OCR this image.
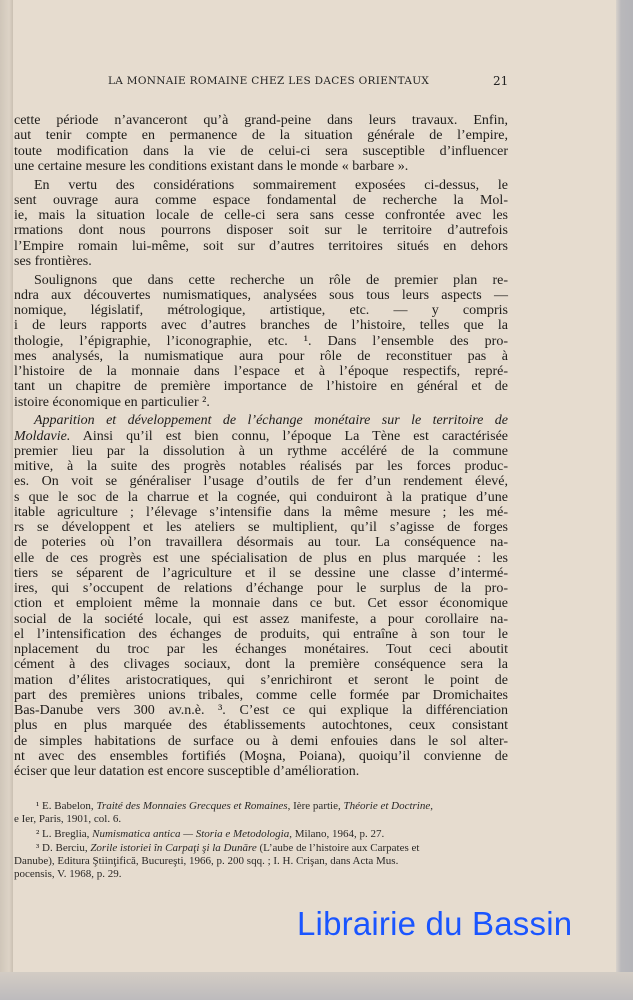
LA MONNAIE ROMAINE CHEZ LES DACES ORIENTAUX	21
cette période n’avanceront qu’à grand-peine dans leurs travaux. Enfin,
aut tenir compte en permanence de la situation générale de l’empire,
toute modification dans la vie de celui-ci sera susceptible d’influencer
une certaine mesure les conditions existant dans le monde « barbare ».
En vertu des considérations sommairement exposées ci-dessus, le
sent ouvrage aura comme espace fondamental de recherche la Mol-
ie, mais la situation locale de celle-ci sera sans cesse confrontée avec les
rmations dont nous pourrons disposer soit sur le territoire d’autrefois
l’Empire romain lui-même, soit sur d’autres territoires situés en dehors
ses frontières.
Soulignons que dans cette recherche un rôle de premier plan re-
ndra aux découvertes numismatiques, analysées sous tous leurs aspects —
nomique, législatif, métrologique, artistique, etc. — y compris
i de leurs rapports avec d’autres branches de l’histoire, telles que la
thologie, l’épigraphie, l’iconographie, etc. ¹. Dans l’ensemble des pro-
mes analysés, la numismatique aura pour rôle de reconstituer pas à
l’histoire de la monnaie dans l’espace et à l’époque respectifs, repré-
tant un chapitre de première importance de l’histoire en général et de
istoire économique en particulier ².
Apparition et développement de l’échange monétaire sur le territoire de
Moldavie. Ainsi qu’il est bien connu, l’époque La Tène est caractérisée
premier lieu par la dissolution à un rythme accéléré de la commune
mitive, à la suite des progrès notables réalisés par les forces produc-
es. On voit se généraliser l’usage d’outils de fer d’un rendement élevé,
s que le soc de la charrue et la cognée, qui conduiront à la pratique d’une
itable agriculture ; l’élevage s’intensifie dans la même mesure ; les mé-
rs se développent et les ateliers se multiplient, qu’il s’agisse de forges
de poteries où l’on travaillera désormais au tour. La conséquence na-
elle de ces progrès est une spécialisation de plus en plus marquée : les
tiers se séparent de l’agriculture et il se dessine une classe d’intermé-
ires, qui s’occupent de relations d’échange pour le surplus de la pro-
ction et emploient même la monnaie dans ce but. Cet essor économique
social de la société locale, qui est assez manifeste, a pour corollaire na-
el l’intensification des échanges de produits, qui entraîne à son tour le
nplacement du troc par les échanges monétaires. Tout ceci aboutit
cément à des clivages sociaux, dont la première conséquence sera la
mation d’élites aristocratiques, qui s’enrichiront et seront le point de
part des premières unions tribales, comme celle formée par Dromichaites
Bas-Danube vers 300 av.n.è. ³. C’est ce qui explique la différenciation
plus en plus marquée des établissements autochtones, ceux consistant
de simples habitations de surface ou à demi enfouies dans le sol alter-
nt avec des ensembles fortifiés (Moşna, Poiana), quoiqu’il convienne de
éciser que leur datation est encore susceptible d’amélioration.
¹ E. Babelon, Traité des Monnaies Grecques et Romaines, Ière partie, Théorie et Doctrine,
e Ier, Paris, 1901, col. 6.
² L. Breglia, Numismatica antica — Storia e Metodologia, Milano, 1964, p. 27.
³ D. Berciu, Zorile istoriei în Carpaţi şi la Dunăre (L’aube de l’histoire aux Carpates et
Danube), Editura Ştiinţifică, Bucureşti, 1966, p. 200 sqq. ; I. H. Crişan, dans Acta Mus.
pocensis, V. 1968, p. 29.
Librairie du Bassin
